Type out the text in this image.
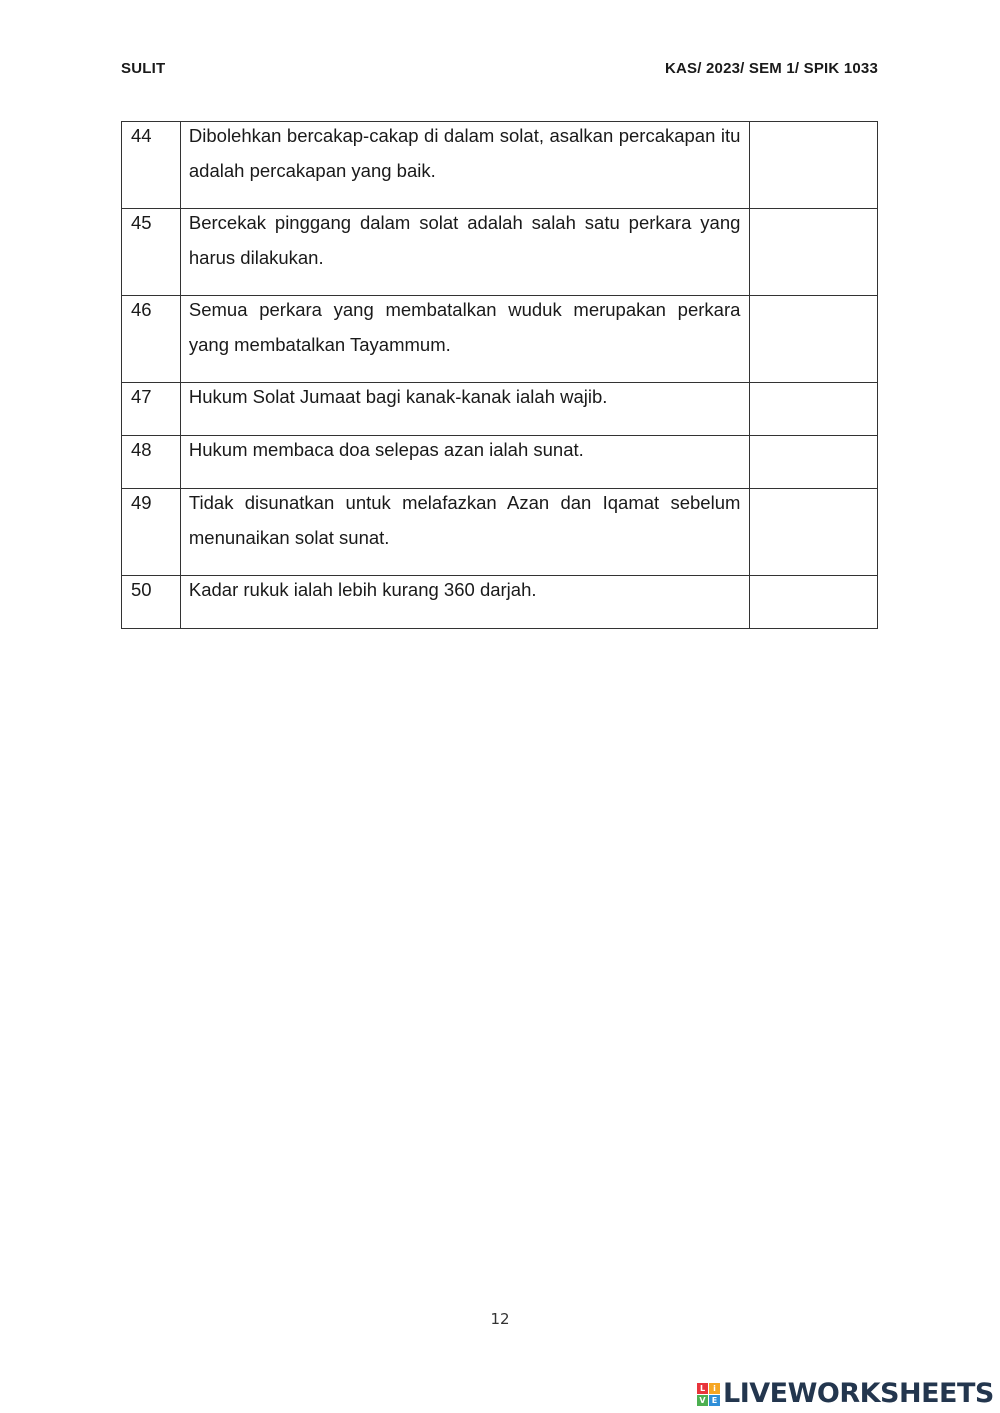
SULIT	KAS/ 2023/ SEM 1/ SPIK 1033
44	Dibolehkan bercakap-cakap di dalam solat, asalkan percakapan itu adalah percakapan yang baik.	

45	Bercekak pinggang dalam solat adalah salah satu perkara yang harus dilakukan.	

46	Semua perkara yang membatalkan wuduk merupakan perkara yang membatalkan Tayammum.	

47	Hukum Solat Jumaat bagi kanak-kanak ialah wajib.	

48	Hukum membaca doa selepas azan ialah sunat.	

49	Tidak disunatkan untuk melafazkan Azan dan Iqamat sebelum menunaikan solat sunat.	

50	Kadar rukuk ialah lebih kurang 360 darjah.	

12
L	i
V E LIVEWORKSHEETS
